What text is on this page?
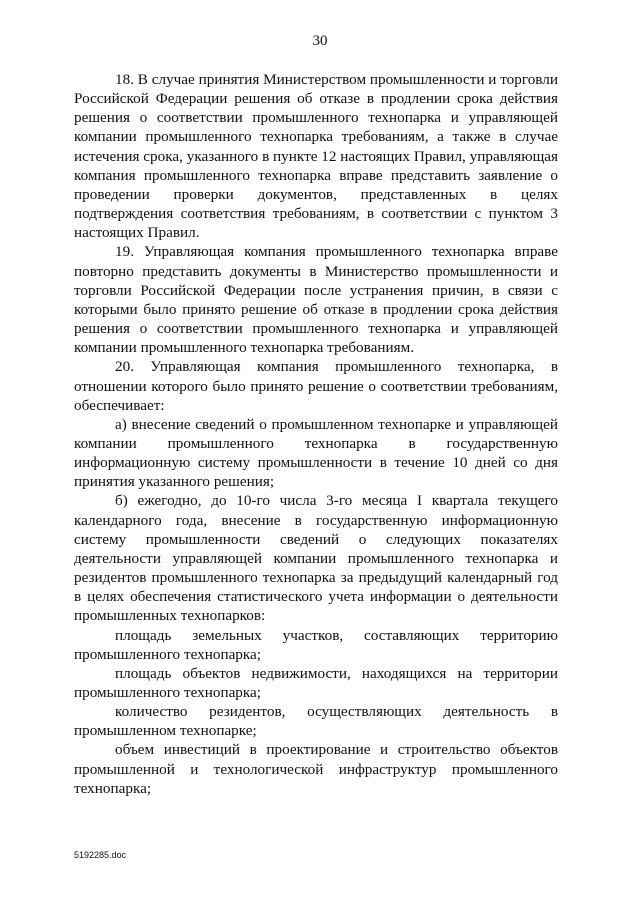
30

18. В случае принятия Министерством промышленности и торговли Российской Федерации решения об отказе в продлении срока действия решения о соответствии промышленного технопарка и управляющей компании промышленного технопарка требованиям, а также в случае истечения срока, указанного в пункте 12 настоящих Правил, управляющая компания промышленного технопарка вправе представить заявление о проведении проверки документов, представленных в целях подтверждения соответствия требованиям, в соответствии с пунктом 3 настоящих Правил.

19. Управляющая компания промышленного технопарка вправе повторно представить документы в Министерство промышленности и торговли Российской Федерации после устранения причин, в связи с которыми было принято решение об отказе в продлении срока действия решения о соответствии промышленного технопарка и управляющей компании промышленного технопарка требованиям.

20. Управляющая компания промышленного технопарка, в отношении которого было принято решение о соответствии требованиям, обеспечивает:

а) внесение сведений о промышленном технопарке и управляющей компании промышленного технопарка в государственную информационную систему промышленности в течение 10 дней со дня принятия указанного решения;

б) ежегодно, до 10-го числа 3-го месяца I квартала текущего календарного года, внесение в государственную информационную систему промышленности сведений о следующих показателях деятельности управляющей компании промышленного технопарка и резидентов промышленного технопарка за предыдущий календарный год в целях обеспечения статистического учета информации о деятельности промышленных технопарков:

площадь земельных участков, составляющих территорию промышленного технопарка;

площадь объектов недвижимости, находящихся на территории промышленного технопарка;

количество резидентов, осуществляющих деятельность в промышленном технопарке;

объем инвестиций в проектирование и строительство объектов промышленной и технологической инфраструктур промышленного технопарка;

5192285.doc
